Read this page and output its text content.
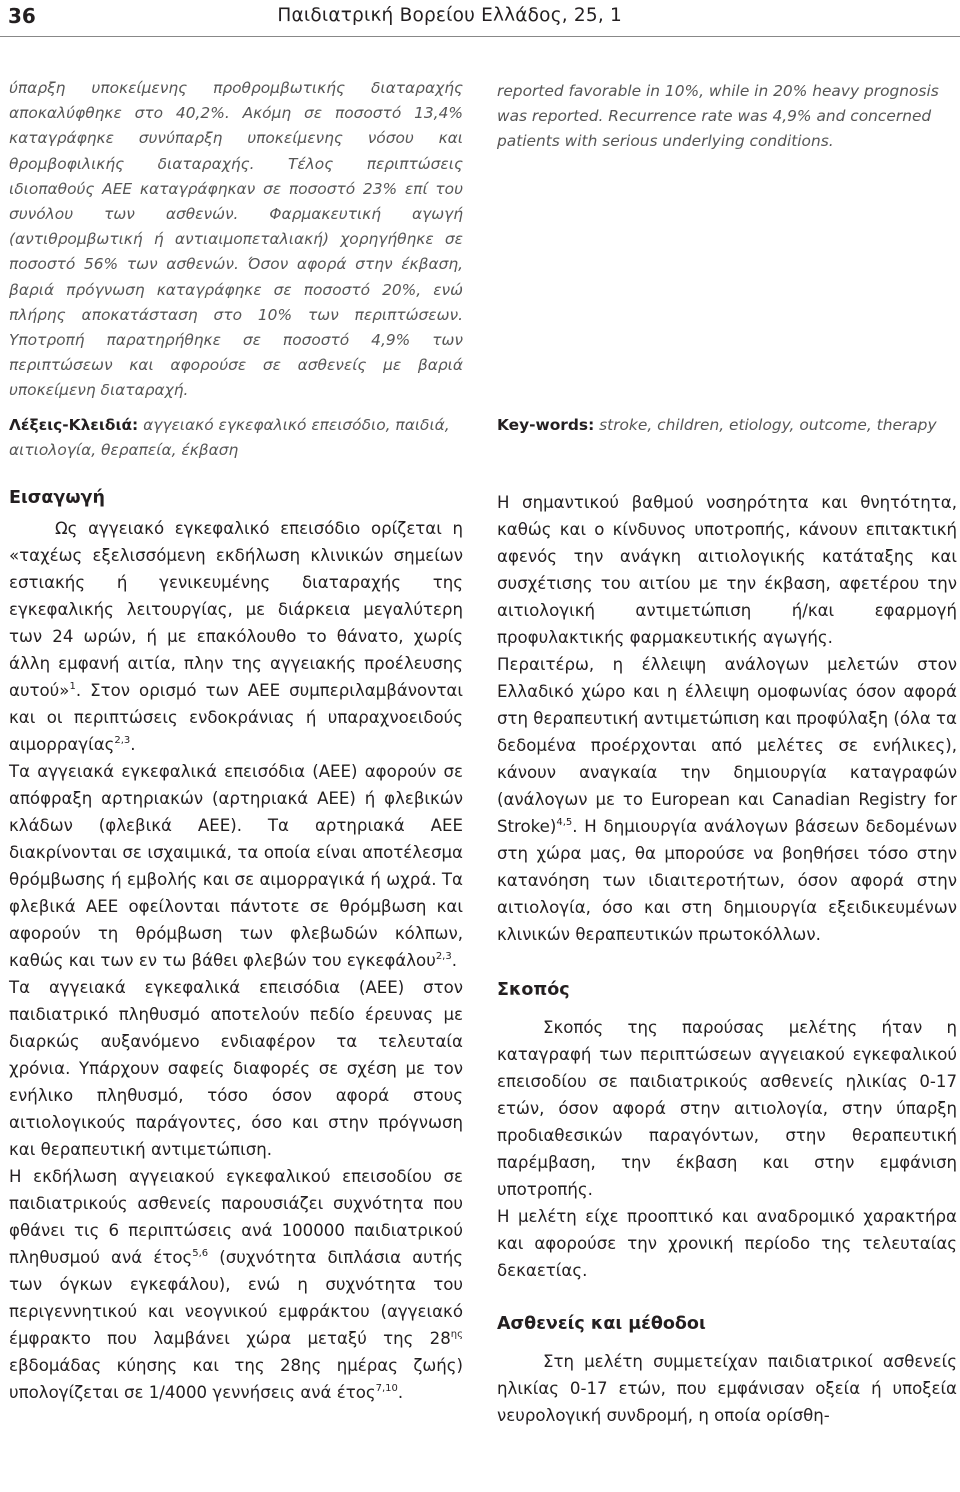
36	Παιδιατρική Βορείου Ελλάδος, 25, 1

ύπαρξη υποκείμενης προθρομβωτικής διαταραχής αποκαλύφθηκε στο 40,2%. Ακόμη σε ποσοστό 13,4% καταγράφηκε συνύπαρξη υποκείμενης νόσου και θρομβοφιλικής διαταραχής. Τέλος περιπτώσεις ιδιοπαθούς ΑΕΕ καταγράφηκαν σε ποσοστό 23% επί του συνόλου των ασθενών. Φαρμακευτική αγωγή (αντιθρομβωτική ή αντιαιμοπεταλιακή) χορηγήθηκε σε ποσοστό 56% των ασθενών. Όσον αφορά στην έκβαση, βαριά πρόγνωση καταγράφηκε σε ποσοστό 20%, ενώ πλήρης αποκατάσταση στο 10% των περιπτώσεων. Υποτροπή παρατηρήθηκε σε ποσοστό 4,9% των περιπτώσεων και αφορούσε σε ασθενείς με βαριά υποκείμενη διαταραχή.

reported favorable in 10%, while in 20% heavy prognosis was reported. Recurrence rate was 4,9% and concerned patients with serious underlying conditions.

Λέξεις-Κλειδιά: αγγειακό εγκεφαλικό επεισόδιο, παιδιά, αιτιολογία, θεραπεία, έκβαση

Key-words: stroke, children, etiology, outcome, therapy

Εισαγωγή

Ως αγγειακό εγκεφαλικό επεισόδιο ορίζεται η «ταχέως εξελισσόμενη εκδήλωση κλινικών σημείων εστιακής ή γενικευμένης διαταραχής της εγκεφαλικής λειτουργίας, με διάρκεια μεγαλύτερη των 24 ωρών, ή με επακόλουθο το θάνατο, χωρίς άλλη εμφανή αιτία, πλην της αγγειακής προέλευσης αυτού»$^1$. Στον ορισμό των ΑΕΕ συμπεριλαμβάνονται και οι περιπτώσεις ενδοκράνιας ή υπαραχνοειδούς αιμορραγίας$^{2,3}$.

Τα αγγειακά εγκεφαλικά επεισόδια (ΑΕΕ) αφορούν σε απόφραξη αρτηριακών (αρτηριακά ΑΕΕ) ή φλεβικών κλάδων (φλεβικά ΑΕΕ). Τα αρτηριακά ΑΕΕ διακρίνονται σε ισχαιμικά, τα οποία είναι αποτέλεσμα θρόμβωσης ή εμβολής και σε αιμορραγικά ή ωχρά. Τα φλεβικά ΑΕΕ οφείλονται πάντοτε σε θρόμβωση και αφορούν τη θρόμβωση των φλεβωδών κόλπων, καθώς και των εν τω βάθει φλεβών του εγκεφάλου$^{2,3}$.

Τα αγγειακά εγκεφαλικά επεισόδια (ΑΕΕ) στον παιδιατρικό πληθυσμό αποτελούν πεδίο έρευνας με διαρκώς αυξανόμενο ενδιαφέρον τα τελευταία χρόνια. Υπάρχουν σαφείς διαφορές σε σχέση με τον ενήλικο πληθυσμό, τόσο όσον αφορά στους αιτιολογικούς παράγοντες, όσο και στην πρόγνωση και θεραπευτική αντιμετώπιση.

Η εκδήλωση αγγειακού εγκεφαλικού επεισοδίου σε παιδιατρικούς ασθενείς παρουσιάζει συχνότητα που φθάνει τις 6 περιπτώσεις ανά 100000 παιδιατρικού πληθυσμού ανά έτος$^{5,6}$ (συχνότητα διπλάσια αυτής των όγκων εγκεφάλου), ενώ η συχνότητα του περιγεννητικού και νεογνικού εμφράκτου (αγγειακό έμφρακτο που λαμβάνει χώρα μεταξύ της $28^{\eta\varsigma}$ εβδομάδας κύησης και της 28ης ημέρας ζωής) υπολογίζεται σε 1/4000 γεννήσεις ανά έτος$^{7,10}$.

Η σημαντικού βαθμού νοσηρότητα και θνητότητα, καθώς και ο κίνδυνος υποτροπής, κάνουν επιτακτική αφενός την ανάγκη αιτιολογικής κατάταξης και συσχέτισης του αιτίου με την έκβαση, αφετέρου την αιτιολογική αντιμετώπιση ή/και εφαρμογή προφυλακτικής φαρμακευτικής αγωγής.

Περαιτέρω, η έλλειψη ανάλογων μελετών στον Ελλαδικό χώρο και η έλλειψη ομοφωνίας όσον αφορά στη θεραπευτική αντιμετώπιση και προφύλαξη (όλα τα δεδομένα προέρχονται από μελέτες σε ενήλικες), κάνουν αναγκαία την δημιουργία καταγραφών (ανάλογων με το European και Canadian Registry for Stroke)$^{4,5}$. Η δημιουργία ανάλογων βάσεων δεδομένων στη χώρα μας, θα μπορούσε να βοηθήσει τόσο στην κατανόηση των ιδιαιτεροτήτων, όσον αφορά στην αιτιολογία, όσο και στη δημιουργία εξειδικευμένων κλινικών θεραπευτικών πρωτοκόλλων.

Σκοπός

Σκοπός της παρούσας μελέτης ήταν η καταγραφή των περιπτώσεων αγγειακού εγκεφαλικού επεισοδίου σε παιδιατρικούς ασθενείς ηλικίας 0-17 ετών, όσον αφορά στην αιτιολογία, στην ύπαρξη προδιαθεσικών παραγόντων, στην θεραπευτική παρέμβαση, την έκβαση και στην εμφάνιση υποτροπής.

Η μελέτη είχε προοπτικό και αναδρομικό χαρακτήρα και αφορούσε την χρονική περίοδο της τελευταίας δεκαετίας.

Ασθενείς και μέθοδοι

Στη μελέτη συμμετείχαν παιδιατρικοί ασθενείς ηλικίας 0-17 ετών, που εμφάνισαν οξεία ή υποξεία νευρολογική συνδρομή, η οποία ορίσθη-
